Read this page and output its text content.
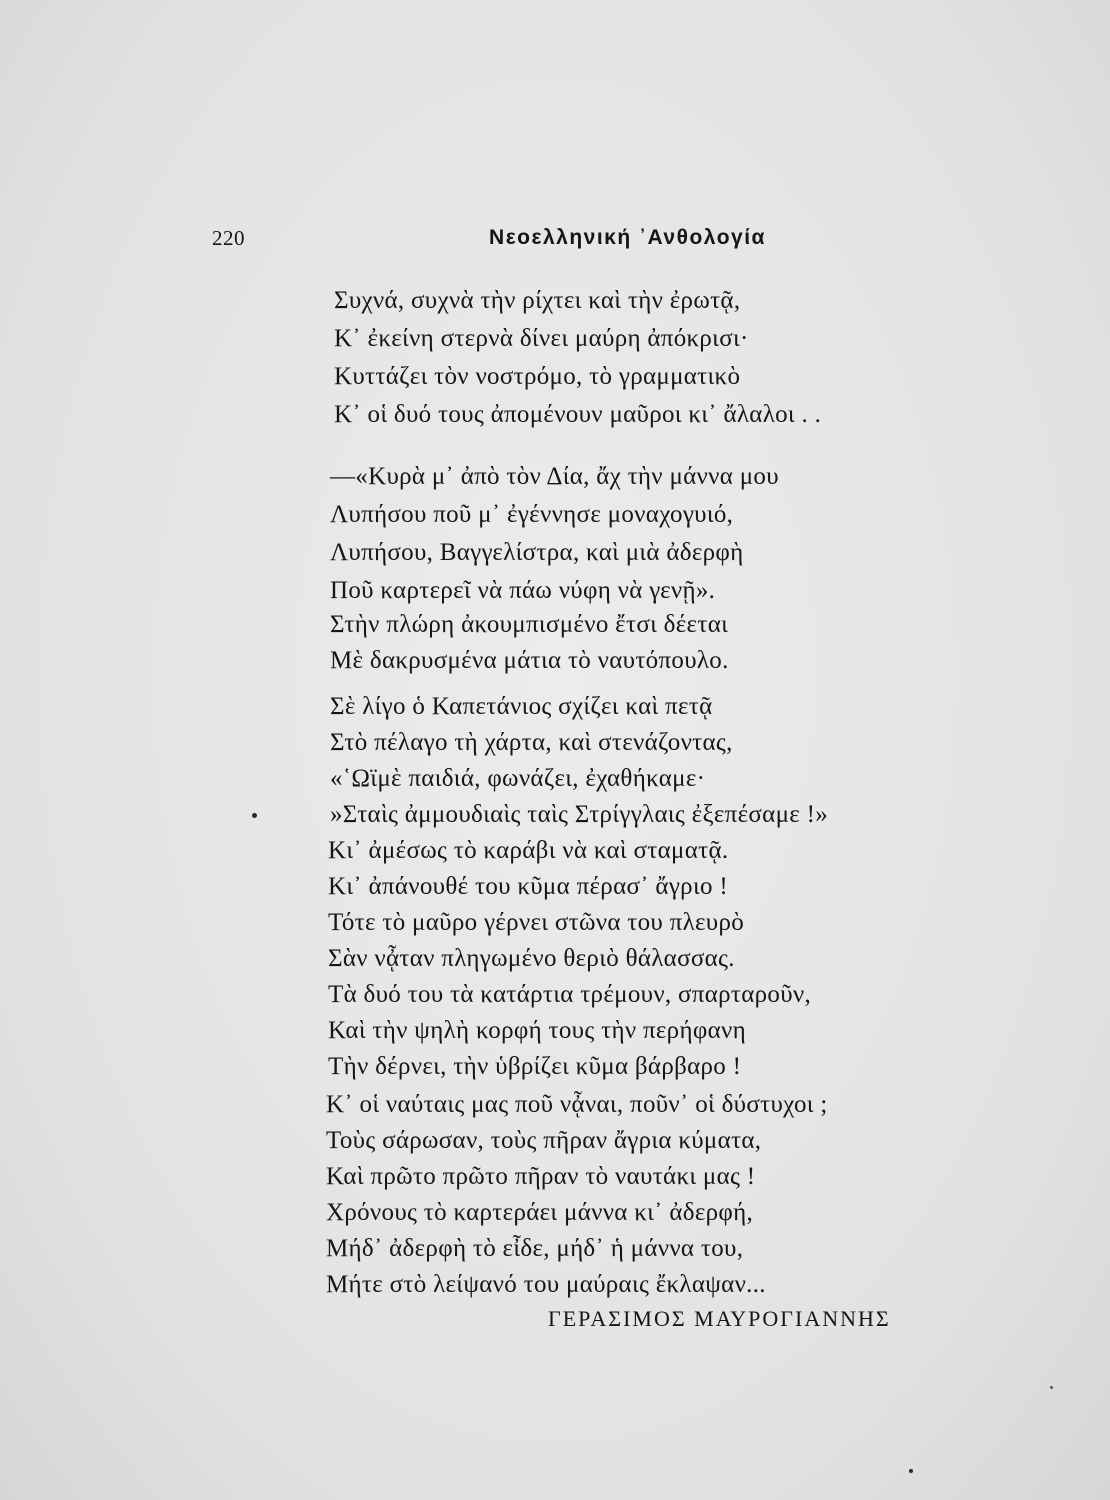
220	Νεοελληνική ᾿Ανθολογία
Συχνά, συχνὰ τὴν ρίχτει καὶ τὴν ἐρωτᾷ,
Κ᾿ ἐκείνη στερνὰ δίνει μαύρη ἀπόκρισι·
Κυττάζει τὸν νοστρόμο, τὸ γραμματικὸ
Κ᾿ οἱ δυό τους ἀπομένουν μαῦροι κι᾿ ἄλαλοι . .
—«Κυρὰ μ᾿ ἀπὸ τὸν Δία, ἄχ τὴν μάννα μου
Λυπήσου ποῦ μ᾿ ἐγέννησε μοναχογυιό,
Λυπήσου, Βαγγελίστρα, καὶ μιὰ ἀδερφὴ
Ποῦ καρτερεῖ νὰ πάω νύφη νὰ γενῇ».
Στὴν πλώρη ἀκουμπισμένο ἔτσι δέεται
Μὲ δακρυσμένα μάτια τὸ ναυτόπουλο.
Σὲ λίγο ὁ Καπετάνιος σχίζει καὶ πετᾷ
Στὸ πέλαγο τὴ χάρτα, καὶ στενάζοντας,
«῾Ωϊμὲ παιδιά, φωνάζει, ἐχαθήκαμε·
»Σταὶς ἀμμουδιαὶς ταὶς Στρίγγλαις ἐξεπέσαμε !»
Κι᾿ ἀμέσως τὸ καράβι νὰ καὶ σταματᾷ.
Κι᾿ ἀπάνουθέ του κῦμα πέρασ᾿ ἄγριο !
Τότε τὸ μαῦρο γέρνει στῶνα του πλευρὸ
Σὰν νᾆταν πληγωμένο θεριὸ θάλασσας.
Τὰ δυό του τὰ κατάρτια τρέμουν, σπαρταροῦν,
Καὶ τὴν ψηλὴ κορφή τους τὴν περήφανη
Τὴν δέρνει, τὴν ὑβρίζει κῦμα βάρβαρο !
Κ᾿ οἱ ναύταις μας ποῦ νᾆναι, ποῦν᾿ οἱ δύστυχοι ;
Τοὺς σάρωσαν, τοὺς πῆραν ἄγρια κύματα,
Καὶ πρῶτο πρῶτο πῆραν τὸ ναυτάκι μας !
Χρόνους τὸ καρτεράει μάννα κι᾿ ἀδερφή,
Μήδ᾿ ἀδερφὴ τὸ εἶδε, μήδ᾿ ἡ μάννα του,
Μήτε στὸ λείψανό του μαύραις ἔκλαψαν...
ΓΕΡΑΣΙΜΟΣ ΜΑΥΡΟΓΙΑΝΝΗΣ
